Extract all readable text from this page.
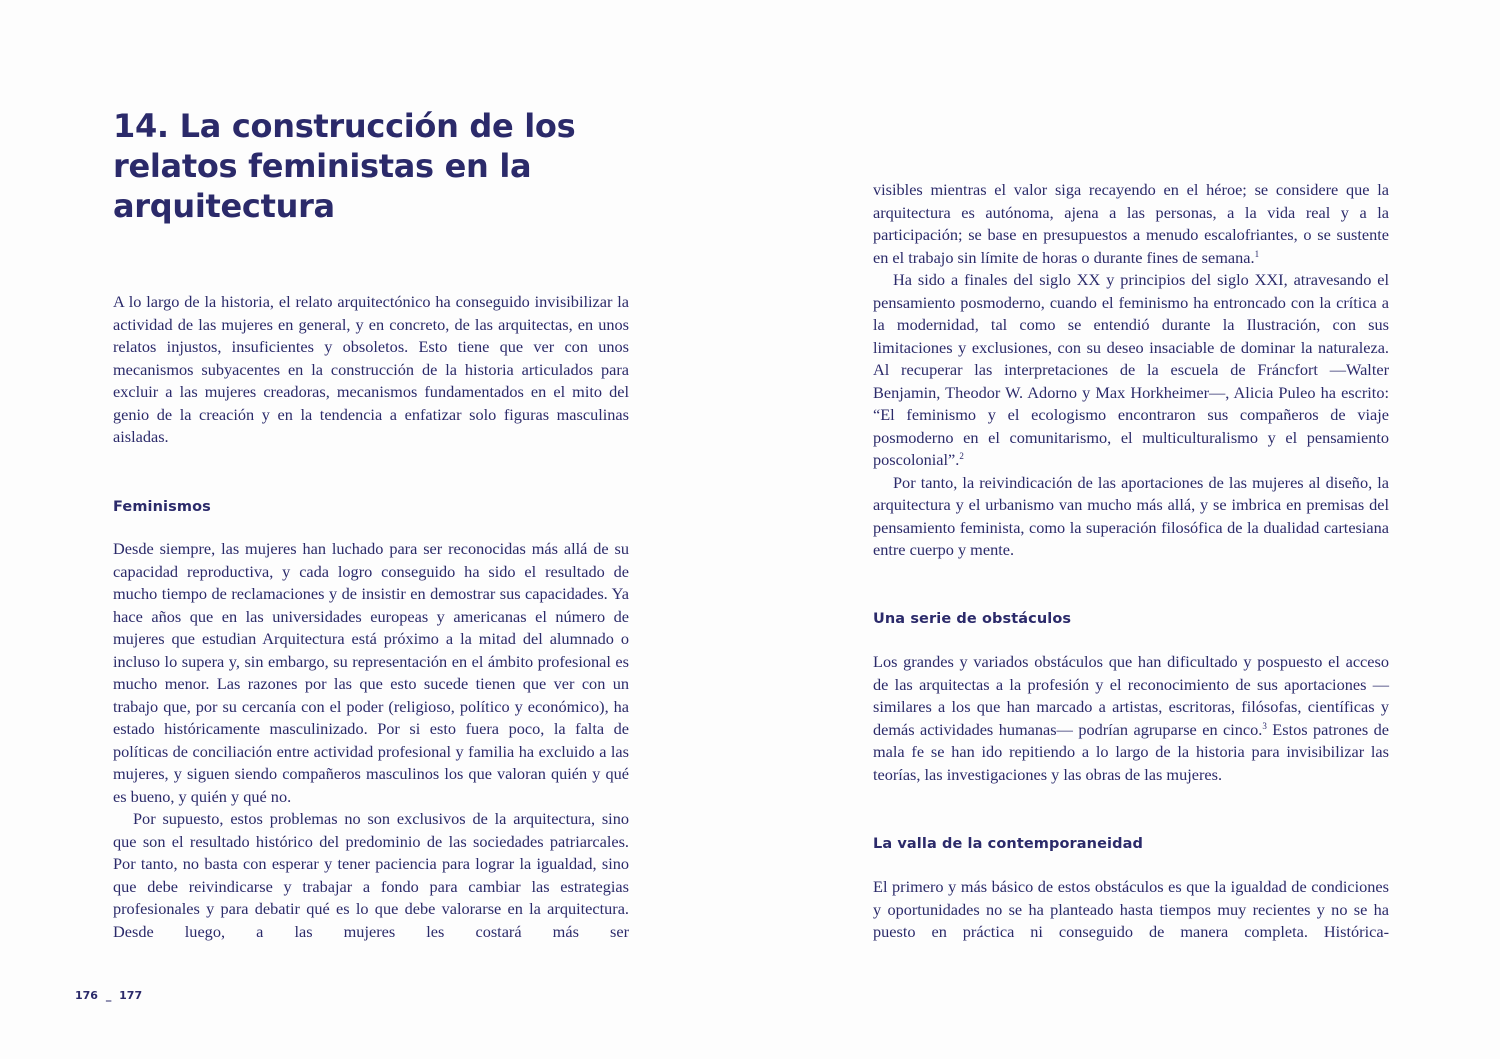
14. La construcción de los relatos feministas en la arquitectura

A lo largo de la historia, el relato arquitectónico ha conseguido invisibilizar la actividad de las mujeres en general, y en concreto, de las arquitectas, en unos relatos injustos, insuficientes y obsoletos. Esto tiene que ver con unos mecanismos subyacentes en la construcción de la historia articulados para excluir a las mujeres creadoras, mecanismos fundamentados en el mito del genio de la creación y en la tendencia a enfatizar solo figuras masculinas aisladas.

Feminismos

Desde siempre, las mujeres han luchado para ser reconocidas más allá de su capacidad reproductiva, y cada logro conseguido ha sido el resultado de mucho tiempo de reclamaciones y de insistir en demostrar sus capacidades. Ya hace años que en las universidades europeas y americanas el número de mujeres que estudian Arquitectura está próximo a la mitad del alumnado o incluso lo supera y, sin embargo, su representación en el ámbito profesional es mucho menor. Las razones por las que esto sucede tienen que ver con un trabajo que, por su cercanía con el poder (religioso, político y económico), ha estado históricamente masculinizado. Por si esto fuera poco, la falta de políticas de conciliación entre actividad profesional y familia ha excluido a las mujeres, y siguen siendo compañeros masculinos los que valoran quién y qué es bueno, y quién y qué no.

Por supuesto, estos problemas no son exclusivos de la arquitectura, sino que son el resultado histórico del predominio de las sociedades patriarcales. Por tanto, no basta con esperar y tener paciencia para lograr la igualdad, sino que debe reivindicarse y trabajar a fondo para cambiar las estrategias profesionales y para debatir qué es lo que debe valorarse en la arquitectura. Desde luego, a las mujeres les costará más ser

176 _ 177

visibles mientras el valor siga recayendo en el héroe; se considere que la arquitectura es autónoma, ajena a las personas, a la vida real y a la participación; se base en presupuestos a menudo escalofriantes, o se sustente en el trabajo sin límite de horas o durante fines de semana.$^1$

Ha sido a finales del siglo XX y principios del siglo XXI, atravesando el pensamiento posmoderno, cuando el feminismo ha entroncado con la crítica a la modernidad, tal como se entendió durante la Ilustración, con sus limitaciones y exclusiones, con su deseo insaciable de dominar la naturaleza. Al recuperar las interpretaciones de la escuela de Fráncfort —Walter Benjamin, Theodor W. Adorno y Max Horkheimer—, Alicia Puleo ha escrito: “El feminismo y el ecologismo encontraron sus compañeros de viaje posmoderno en el comunitarismo, el multiculturalismo y el pensamiento poscolonial”.$^2$

Por tanto, la reivindicación de las aportaciones de las mujeres al diseño, la arquitectura y el urbanismo van mucho más allá, y se imbrica en premisas del pensamiento feminista, como la superación filosófica de la dualidad cartesiana entre cuerpo y mente.

Una serie de obstáculos

Los grandes y variados obstáculos que han dificultado y pospuesto el acceso de las arquitectas a la profesión y el reconocimiento de sus aportaciones —similares a los que han marcado a artistas, escritoras, filósofas, científicas y demás actividades humanas— podrían agruparse en cinco.$^3$ Estos patrones de mala fe se han ido repitiendo a lo largo de la historia para invisibilizar las teorías, las investigaciones y las obras de las mujeres.

La valla de la contemporaneidad

El primero y más básico de estos obstáculos es que la igualdad de condiciones y oportunidades no se ha planteado hasta tiempos muy recientes y no se ha puesto en práctica ni conseguido de manera completa. Histórica-
